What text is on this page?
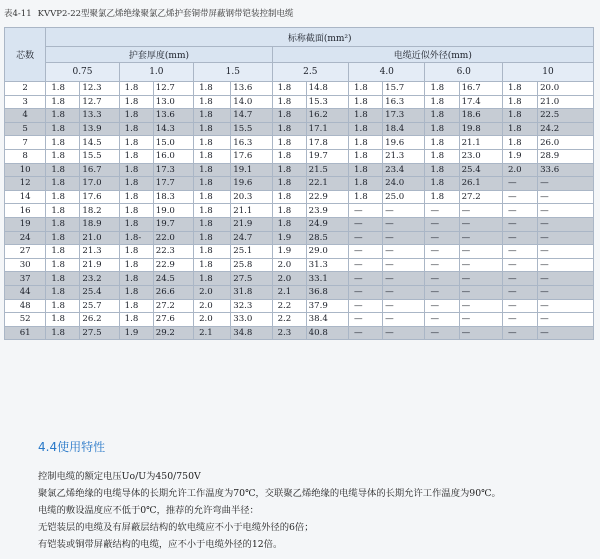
表4-11 KVVP2-22型聚氯乙烯绝缘聚氯乙烯护套铜带屏蔽钢带铠装控制电缆
芯数	标称截面(mm²)													
	护套厚度(mm)						电缆近似外径(mm)							
	0.75		1.0		1.5		2.5		4.0		6.0		10	
2	1.8	12.3	1.8	12.7	1.8	13.6	1.8	14.8	1.8	15.7	1.8	16.7	1.8	20.0
3	1.8	12.7	1.8	13.0	1.8	14.0	1.8	15.3	1.8	16.3	1.8	17.4	1.8	21.0
4	1.8	13.3	1.8	13.6	1.8	14.7	1.8	16.2	1.8	17.3	1.8	18.6	1.8	22.5
5	1.8	13.9	1.8	14.3	1.8	15.5	1.8	17.1	1.8	18.4	1.8	19.8	1.8	24.2
7	1.8	14.5	1.8	15.0	1.8	16.3	1.8	17.8	1.8	19.6	1.8	21.1	1.8	26.0
8	1.8	15.5	1.8	16.0	1.8	17.6	1.8	19.7	1.8	21.3	1.8	23.0	1.9	28.9
10	1.8	16.7	1.8	17.3	1.8	19.1	1.8	21.5	1.8	23.4	1.8	25.4	2.0	33.6
12	1.8	17.0	1.8	17.7	1.8	19.6	1.8	22.1	1.8	24.0	1.8	26.1	—	—
14	1.8	17.6	1.8	18.3	1.8	20.3	1.8	22.9	1.8	25.0	1.8	27.2	—	—
16	1.8	18.2	1.8	19.0	1.8	21.1	1.8	23.9	—	—	—	—	—	—
19	1.8	18.9	1.8	19.7	1.8	21.9	1.8	24.9	—	—	—	—	—	—
24	1.8	21.0	1.8-	22.0	1.8	24.7	1.9	28.5	—	—	—	—	—	—
27	1.8	21.3	1.8	22.3	1.8	25.1	1.9	29.0	—	—	—	—	—	—
30	1.8	21.9	1.8	22.9	1.8	25.8	2.0	31.3	—	—	—	—	—	—
37	1.8	23.2	1.8	24.5	1.8	27.5	2.0	33.1	—	—	—	—	—	—
44	1.8	25.4	1.8	26.6	2.0	31.8	2.1	36.8	—	—	—	—	—	—
48	1.8	25.7	1.8	27.2	2.0	32.3	2.2	37.9	—	—	—	—	—	—
52	1.8	26.2	1.8	27.6	2.0	33.0	2.2	38.4	—	—	—	—	—	—
61	1.8	27.5	1.9	29.2	2.1	34.8	2.3	40.8	—	—	—	—	—	—
4.4使用特性
控制电缆的额定电压Uo/U为450/750V
聚氯乙烯绝缘的电缆导体的长期允许工作温度为70℃，交联聚乙烯绝缘的电缆导体的长期允许工作温度为90℃。
电缆的敷设温度应不低于0℃，推荐的允许弯曲半径：
无铠装层的电缆及有屏蔽层结构的软电缆应不小于电缆外径的6倍；
有铠装或铜带屏蔽结构的电缆，应不小于电缆外径的12倍。
